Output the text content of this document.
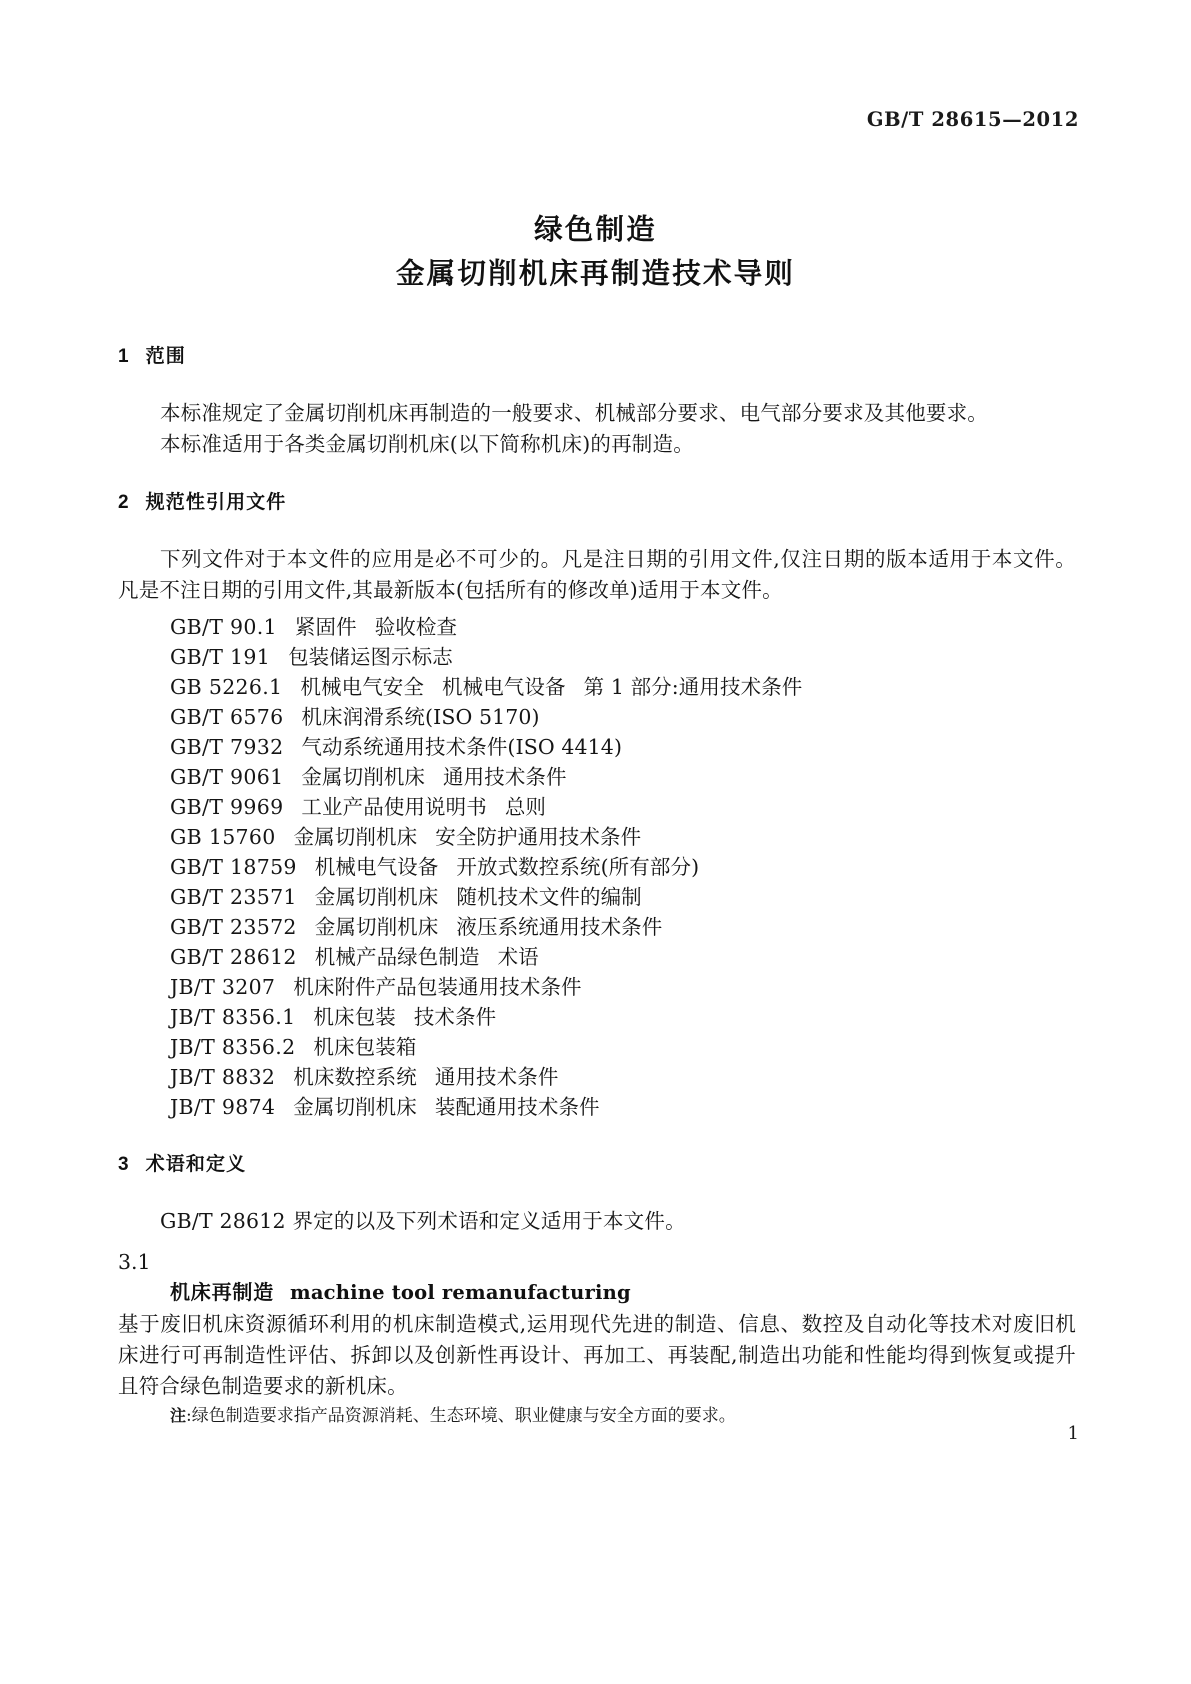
GB/T 28615—2012
绿色制造
金属切削机床再制造技术导则
1 范围

本标准规定了金属切削机床再制造的一般要求、机械部分要求、电气部分要求及其他要求。

本标准适用于各类金属切削机床(以下简称机床)的再制造。

2 规范性引用文件

下列文件对于本文件的应用是必不可少的。凡是注日期的引用文件,仅注日期的版本适用于本文件。凡是不注日期的引用文件,其最新版本(包括所有的修改单)适用于本文件。

GB/T 90.1 紧固件 验收检查
GB/T 191 包装储运图示标志
GB 5226.1 机械电气安全 机械电气设备 第 1 部分:通用技术条件
GB/T 6576 机床润滑系统(ISO 5170)
GB/T 7932 气动系统通用技术条件(ISO 4414)
GB/T 9061 金属切削机床 通用技术条件
GB/T 9969 工业产品使用说明书 总则
GB 15760 金属切削机床 安全防护通用技术条件
GB/T 18759 机械电气设备 开放式数控系统(所有部分)
GB/T 23571 金属切削机床 随机技术文件的编制
GB/T 23572 金属切削机床 液压系统通用技术条件
GB/T 28612 机械产品绿色制造 术语
JB/T 3207 机床附件产品包装通用技术条件
JB/T 8356.1 机床包装 技术条件
JB/T 8356.2 机床包装箱
JB/T 8832 机床数控系统 通用技术条件
JB/T 9874 金属切削机床 装配通用技术条件
3 术语和定义

GB/T 28612 界定的以及下列术语和定义适用于本文件。

3.1

机床再制造 machine tool remanufacturing

基于废旧机床资源循环利用的机床制造模式,运用现代先进的制造、信息、数控及自动化等技术对废旧机床进行可再制造性评估、拆卸以及创新性再设计、再加工、再装配,制造出功能和性能均得到恢复或提升且符合绿色制造要求的新机床。

注:绿色制造要求指产品资源消耗、生态环境、职业健康与安全方面的要求。

1
